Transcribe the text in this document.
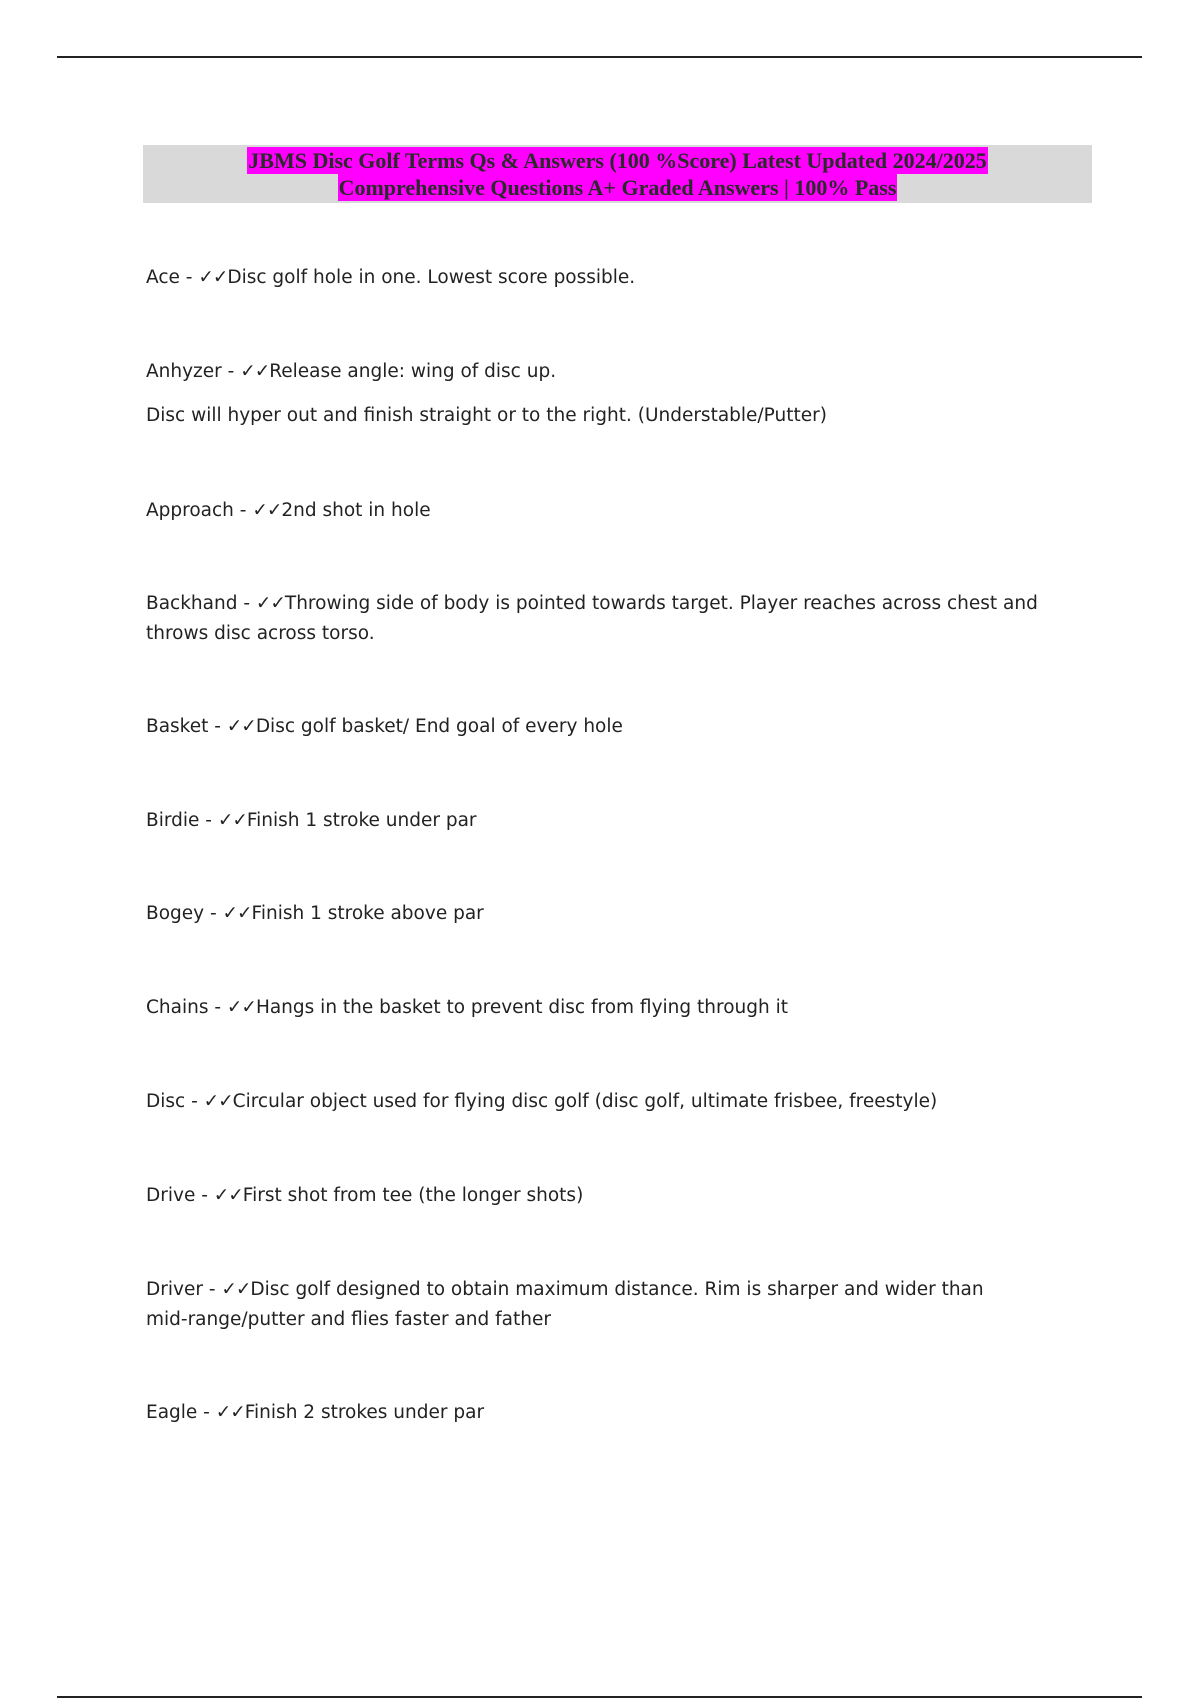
JBMS Disc Golf Terms Qs & Answers (100 %Score) Latest Updated 2024/2025
Comprehensive Questions A+ Graded Answers | 100% Pass

Ace - ✓✓Disc golf hole in one. Lowest score possible.

Anhyzer - ✓✓Release angle: wing of disc up.

Disc will hyper out and finish straight or to the right. (Understable/Putter)

Approach - ✓✓2nd shot in hole

Backhand - ✓✓Throwing side of body is pointed towards target. Player reaches across chest and throws disc across torso.

Basket - ✓✓Disc golf basket/ End goal of every hole

Birdie - ✓✓Finish 1 stroke under par

Bogey - ✓✓Finish 1 stroke above par

Chains - ✓✓Hangs in the basket to prevent disc from flying through it

Disc - ✓✓Circular object used for flying disc golf (disc golf, ultimate frisbee, freestyle)

Drive - ✓✓First shot from tee (the longer shots)

Driver - ✓✓Disc golf designed to obtain maximum distance. Rim is sharper and wider than mid-range/putter and flies faster and father

Eagle - ✓✓Finish 2 strokes under par
